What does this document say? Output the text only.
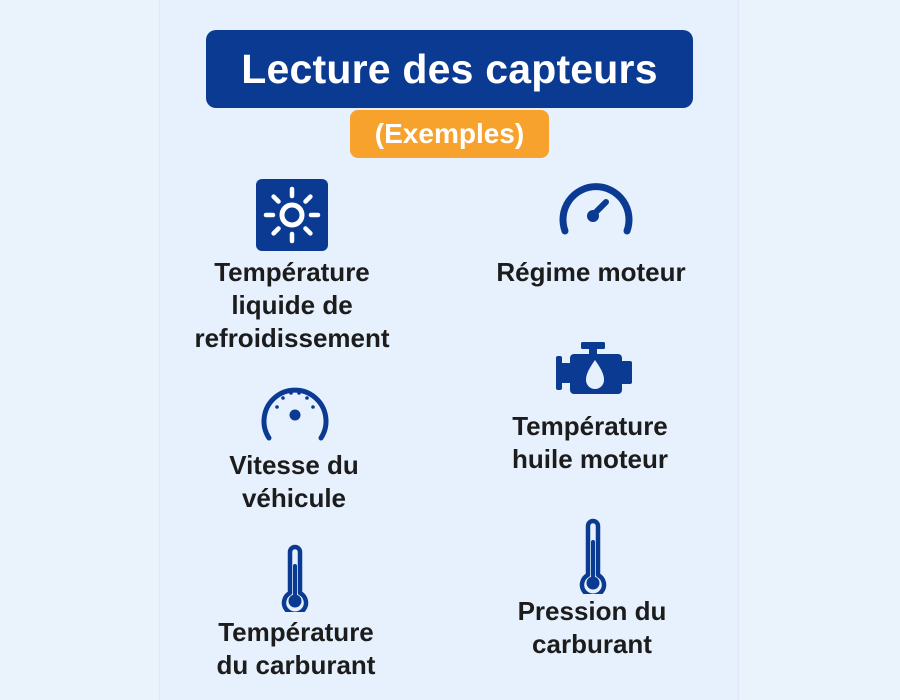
Lecture des capteurs
(Exemples)
Température
liquide de
refroidissement
Régime moteur
Vitesse du
véhicule
Température
huile moteur
Température
du carburant
Pression du
carburant
